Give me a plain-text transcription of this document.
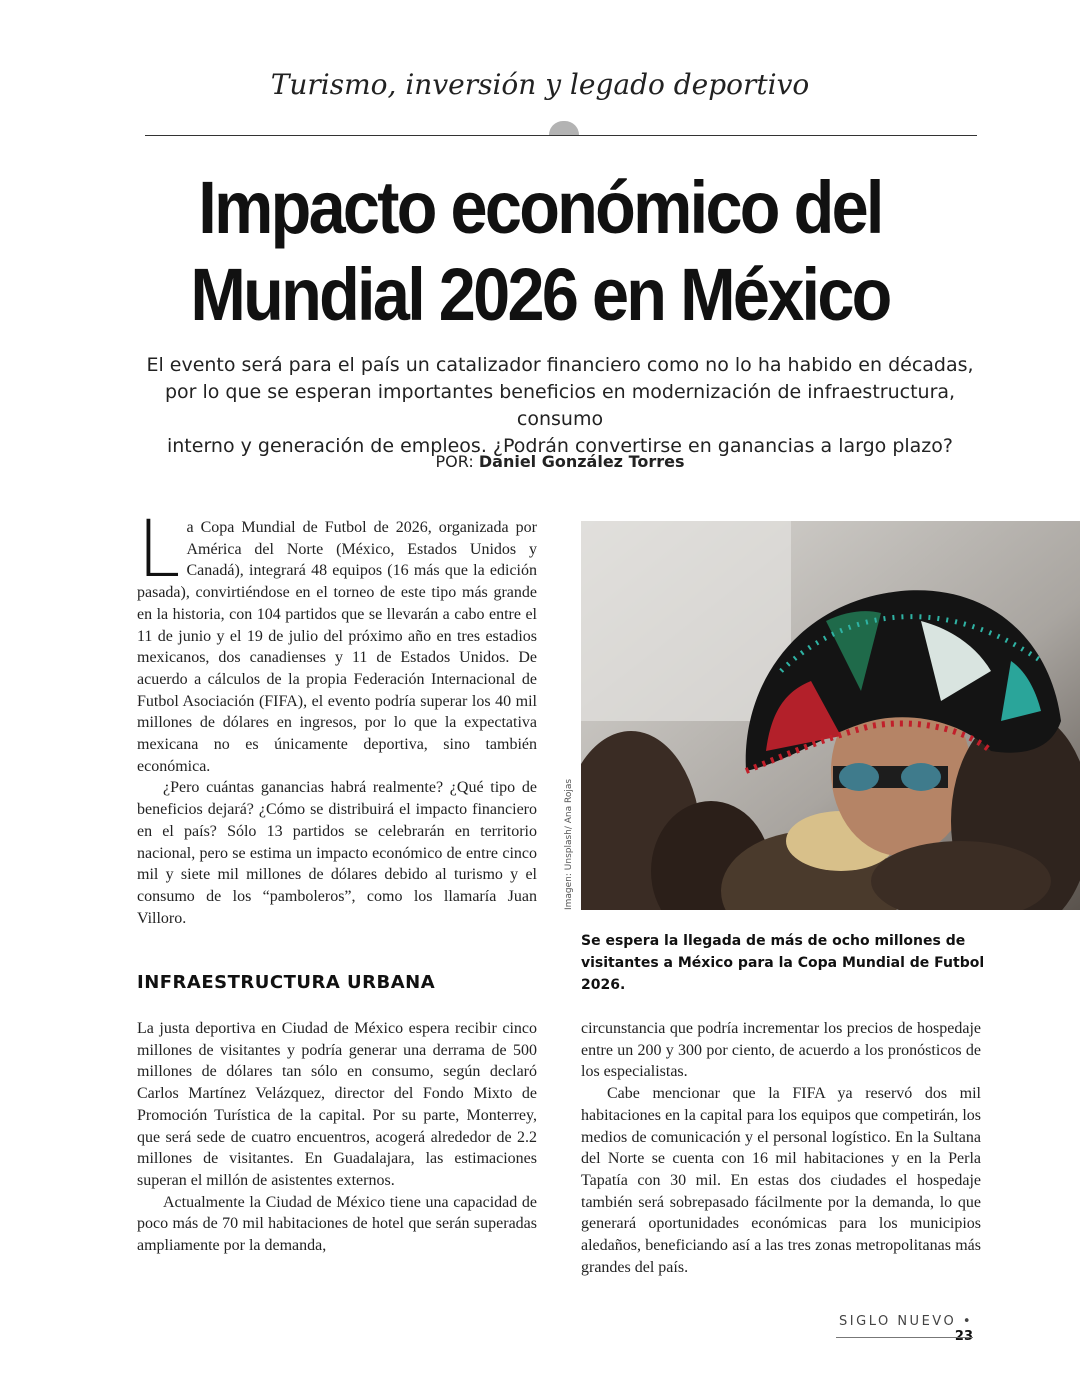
Turismo, inversión y legado deportivo
Impacto económico del
Mundial 2026 en México
El evento será para el país un catalizador financiero como no lo ha habido en décadas,
por lo que se esperan importantes beneficios en modernización de infraestructura, consumo
interno y generación de empleos. ¿Podrán convertirse en ganancias a largo plazo?
POR: Daniel González Torres

La Copa Mundial de Futbol de 2026, organizada por América del Norte (México, Estados Unidos y Canadá), integrará 48 equipos (16 más que la edición pasada), convirtiéndose en el torneo de este tipo más grande en la historia, con 104 partidos que se llevarán a cabo entre el 11 de junio y el 19 de julio del próximo año en tres estadios mexicanos, dos canadienses y 11 de Estados Unidos. De acuerdo a cálculos de la propia Federación Internacional de Futbol Asociación (FIFA), el evento podría superar los 40 mil millones de dólares en ingresos, por lo que la expectativa mexicana no es únicamente deportiva, sino también económica.

¿Pero cuántas ganancias habrá realmente? ¿Qué tipo de beneficios dejará? ¿Cómo se distribuirá el impacto financiero en el país? Sólo 13 partidos se celebrarán en territorio nacional, pero se estima un impacto económico de entre cinco mil y siete mil millones de dólares debido al turismo y el consumo de los “pamboleros”, como los llamaría Juan Villoro.

Imagen: Unsplash/ Ana Rojas
Se espera la llegada de más de ocho millones de visitantes a México para la Copa Mundial de Futbol 2026.
INFRAESTRUCTURA URBANA

La justa deportiva en Ciudad de México espera recibir cinco millones de visitantes y podría generar una derrama de 500 millones de dólares tan sólo en consumo, según declaró Carlos Martínez Velázquez, director del Fondo Mixto de Promoción Turística de la capital. Por su parte, Monterrey, que será sede de cuatro encuentros, acogerá alrededor de 2.2 millones de visitantes. En Guadalajara, las estimaciones superan el millón de asistentes externos.

Actualmente la Ciudad de México tiene una capacidad de poco más de 70 mil habitaciones de hotel que serán superadas ampliamente por la demanda,

circunstancia que podría incrementar los precios de hospedaje entre un 200 y 300 por ciento, de acuerdo a los pronósticos de los especialistas.

Cabe mencionar que la FIFA ya reservó dos mil habitaciones en la capital para los equipos que competirán, los medios de comunicación y el personal logístico. En la Sultana del Norte se cuenta con 16 mil habitaciones y en la Perla Tapatía con 30 mil. En estas dos ciudades el hospedaje también será sobrepasado fácilmente por la demanda, lo que generará oportunidades económicas para los municipios aledaños, beneficiando así a las tres zonas metropolitanas más grandes del país.

SIGLO NUEVO • 23
